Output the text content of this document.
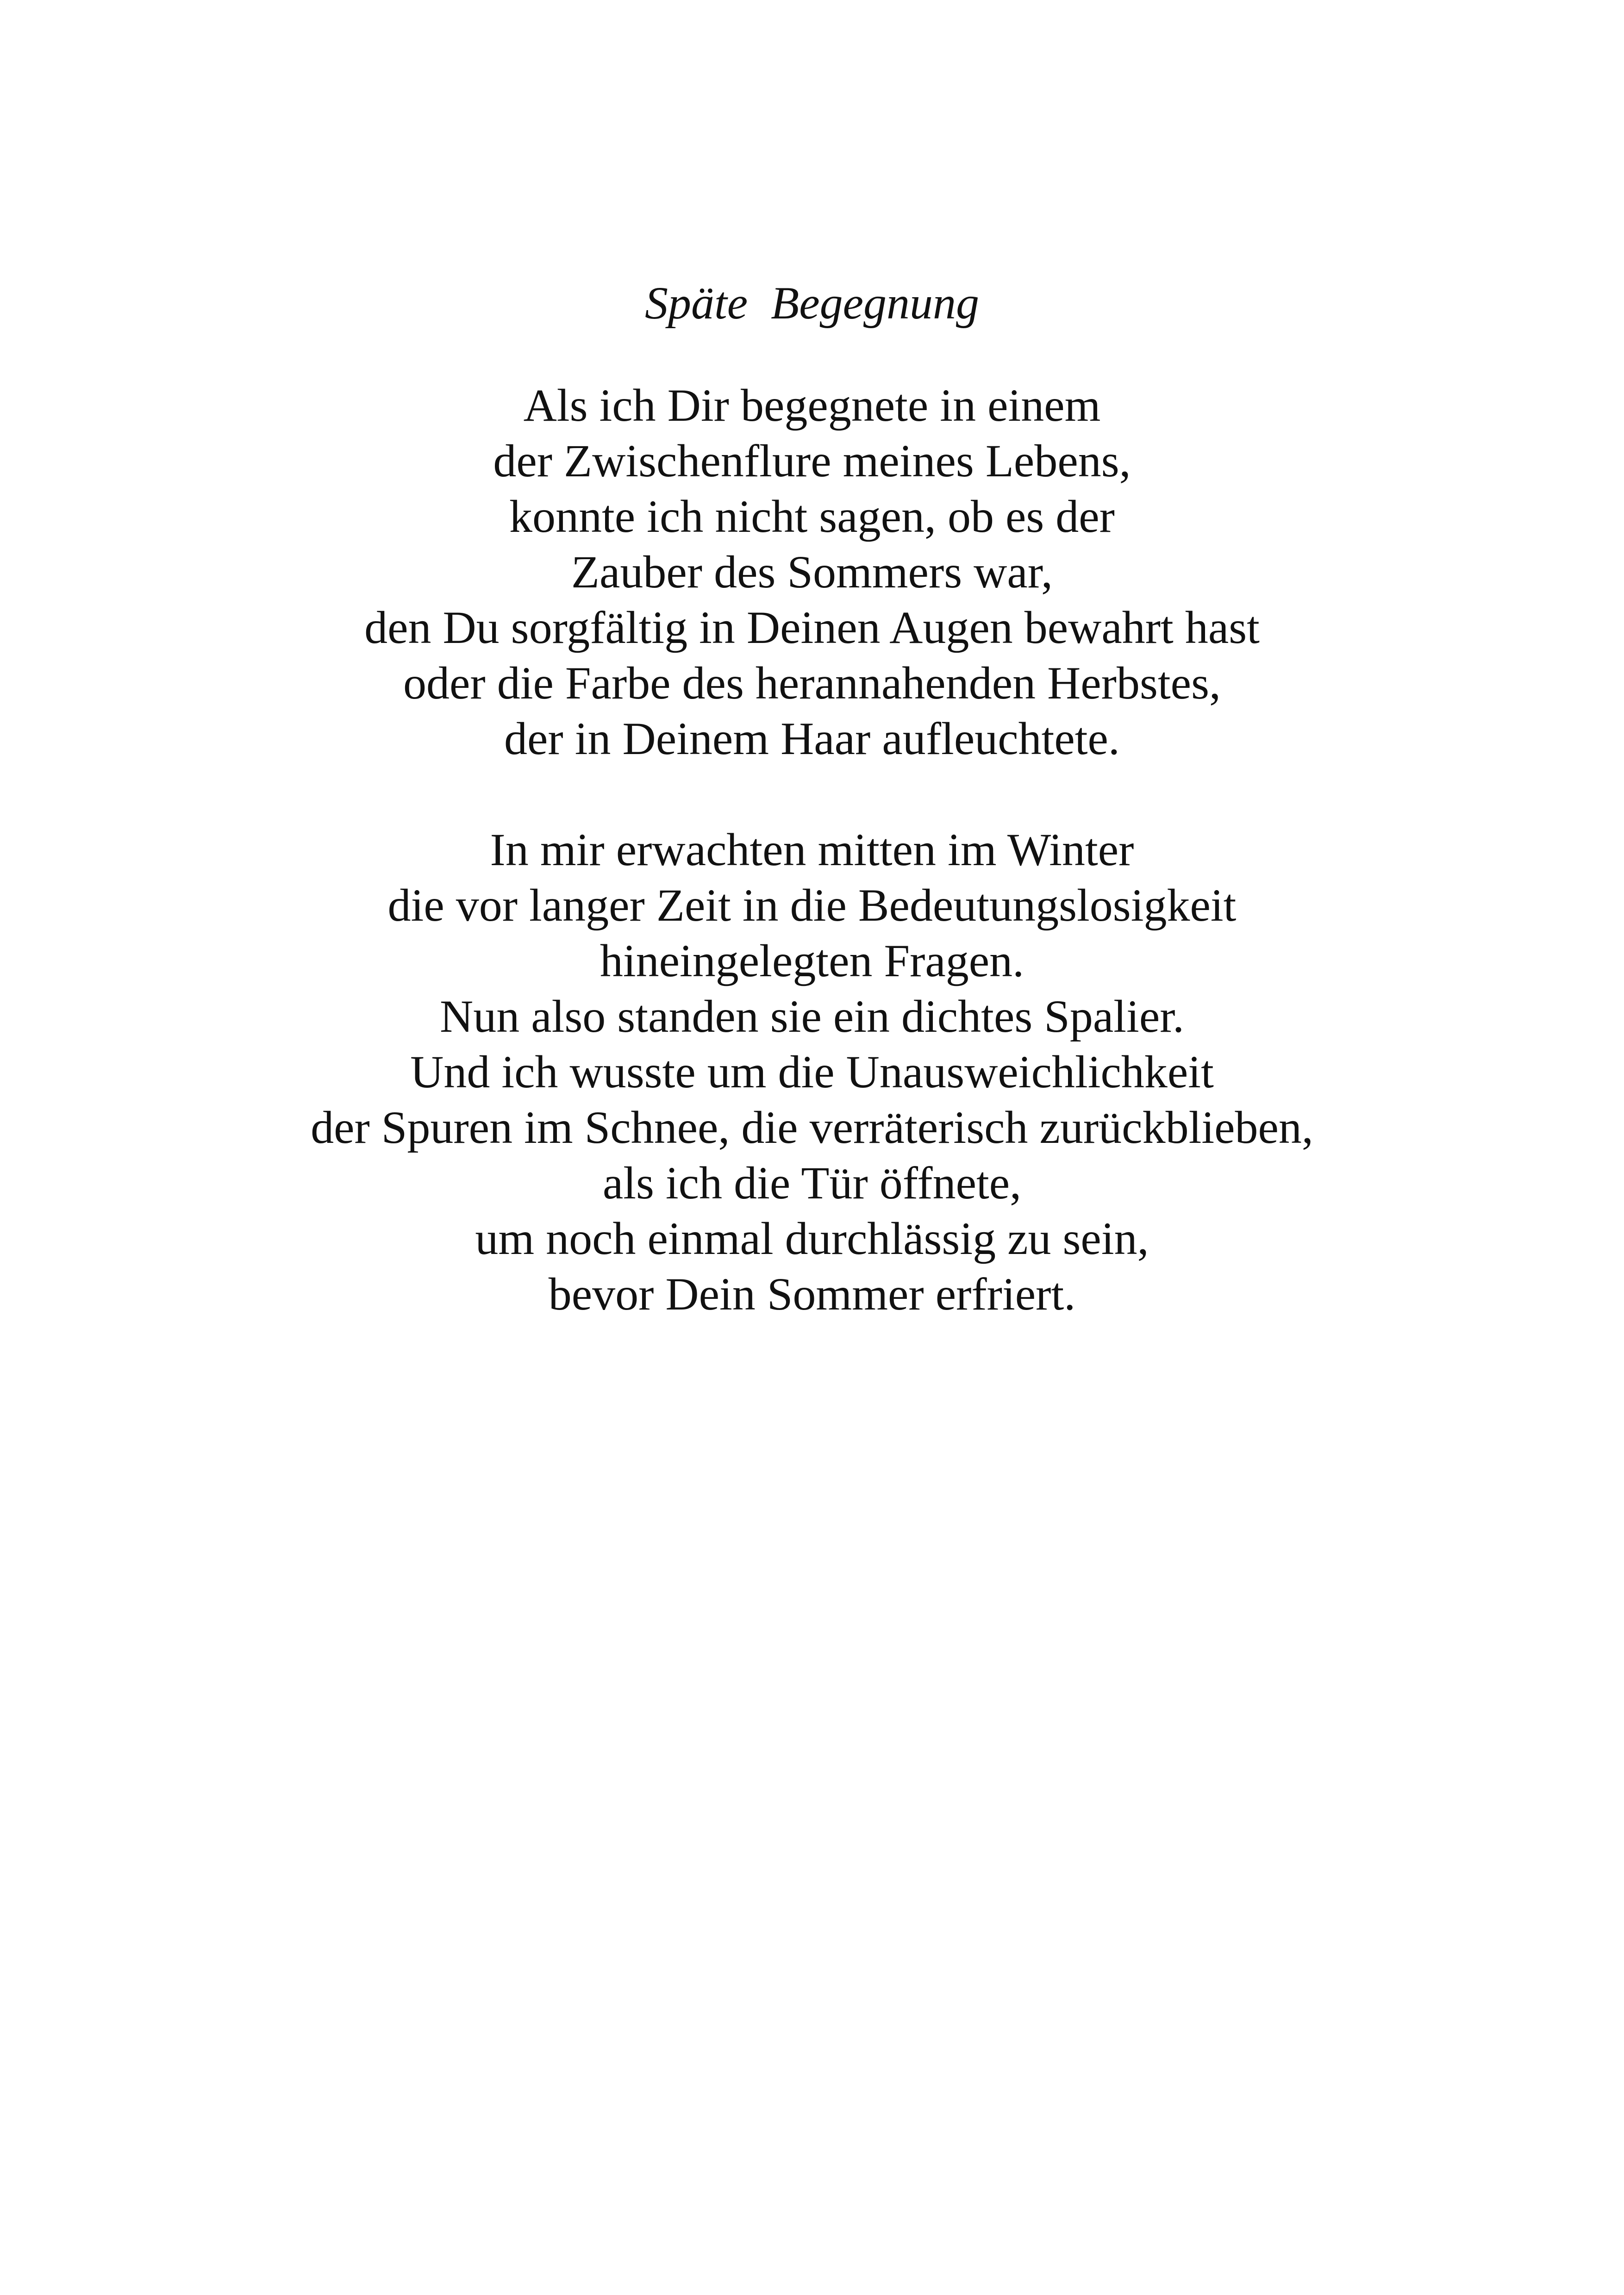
Späte  Begegnung
Als ich Dir begegnete in einem
der Zwischenflure meines Lebens,
konnte ich nicht sagen, ob es der
Zauber des Sommers war,
den Du sorgfältig in Deinen Augen bewahrt hast
oder die Farbe des herannahenden Herbstes,
der in Deinem Haar aufleuchtete.
In mir erwachten mitten im Winter
die vor langer Zeit in die Bedeutungslosigkeit
hineingelegten Fragen.
Nun also standen sie ein dichtes Spalier.
Und ich wusste um die Unausweichlichkeit
der Spuren im Schnee, die verräterisch zurückblieben,
als ich die Tür öffnete,
um noch einmal durchlässig zu sein,
bevor Dein Sommer erfriert.
